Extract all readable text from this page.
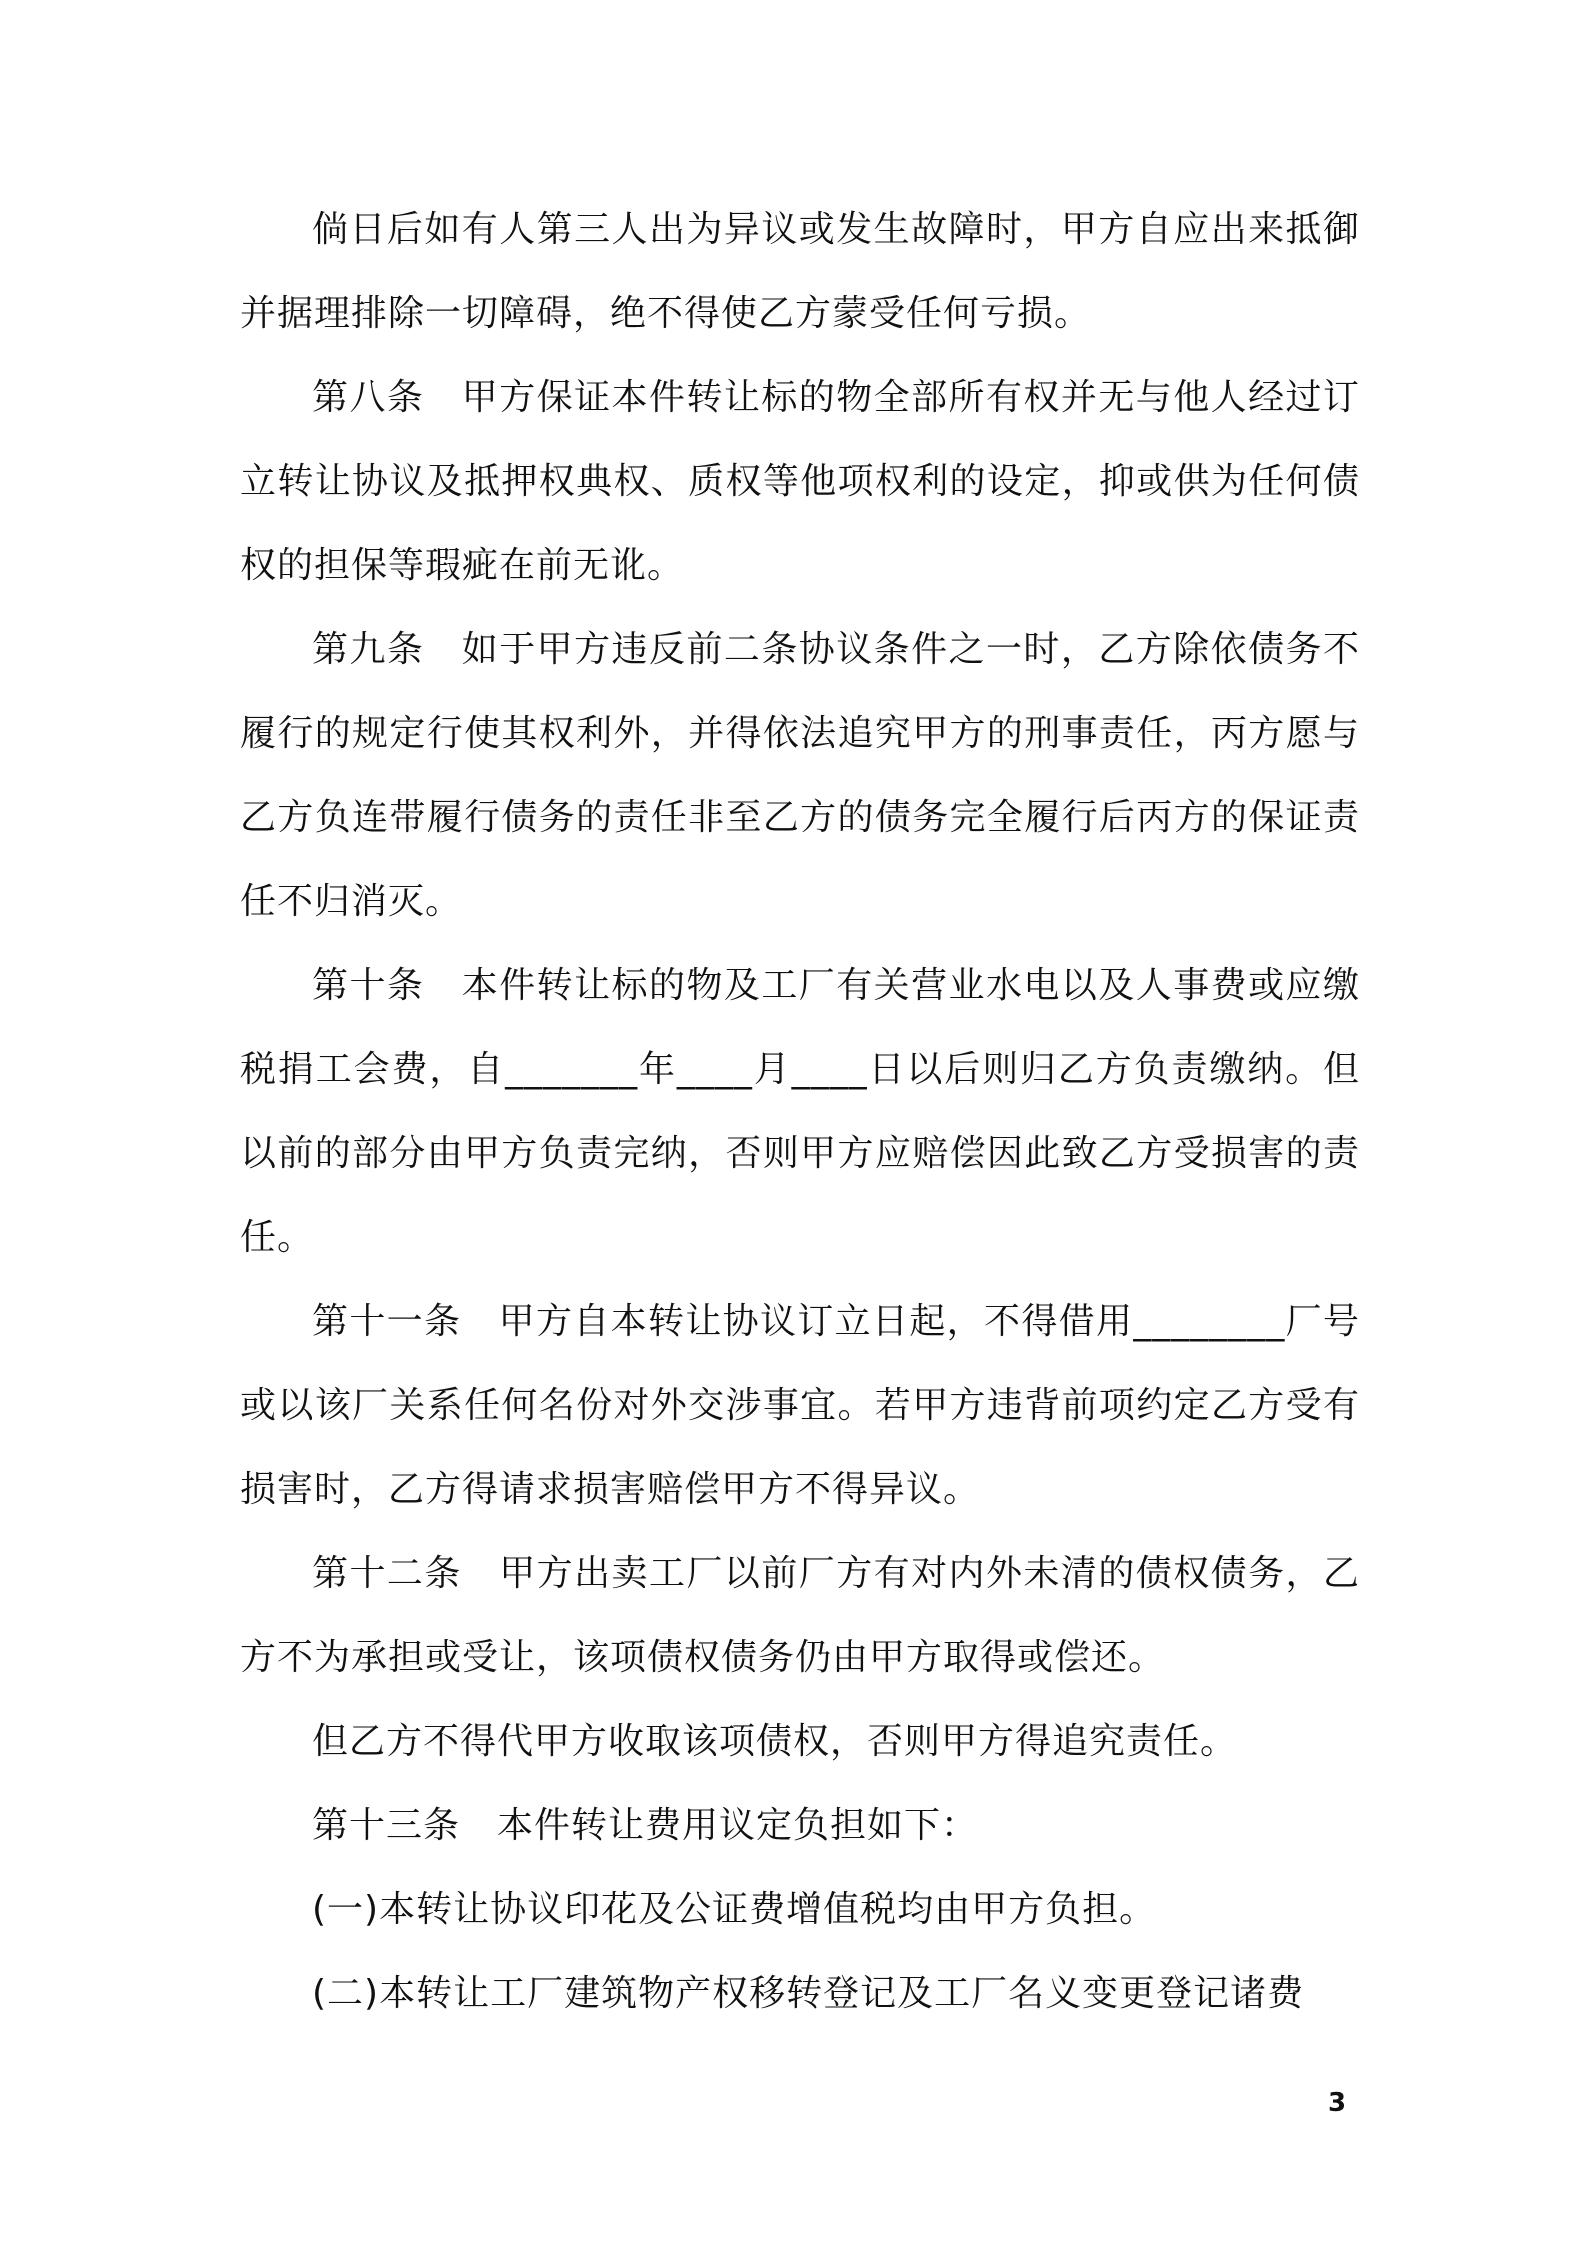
倘日后如有人第三人出为异议或发生故障时，甲方自应出来抵御并据理排除一切障碍，绝不得使乙方蒙受任何亏损。

第八条　甲方保证本件转让标的物全部所有权并无与他人经过订立转让协议及抵押权典权、质权等他项权利的设定，抑或供为任何债权的担保等瑕疵在前无讹。

第九条　如于甲方违反前二条协议条件之一时，乙方除依债务不履行的规定行使其权利外，并得依法追究甲方的刑事责任，丙方愿与乙方负连带履行债务的责任非至乙方的债务完全履行后丙方的保证责任不归消灭。

第十条　本件转让标的物及工厂有关营业水电以及人事费或应缴税捐工会费，自_______年____月____日以后则归乙方负责缴纳。但以前的部分由甲方负责完纳，否则甲方应赔偿因此致乙方受损害的责任。

第十一条　甲方自本转让协议订立日起，不得借用________厂号或以该厂关系任何名份对外交涉事宜。若甲方违背前项约定乙方受有损害时，乙方得请求损害赔偿甲方不得异议。

第十二条　甲方出卖工厂以前厂方有对内外未清的债权债务，乙方不为承担或受让，该项债权债务仍由甲方取得或偿还。

但乙方不得代甲方收取该项债权，否则甲方得追究责任。

第十三条　本件转让费用议定负担如下：

(一)本转让协议印花及公证费增值税均由甲方负担。

(二)本转让工厂建筑物产权移转登记及工厂名义变更登记诸费

3
